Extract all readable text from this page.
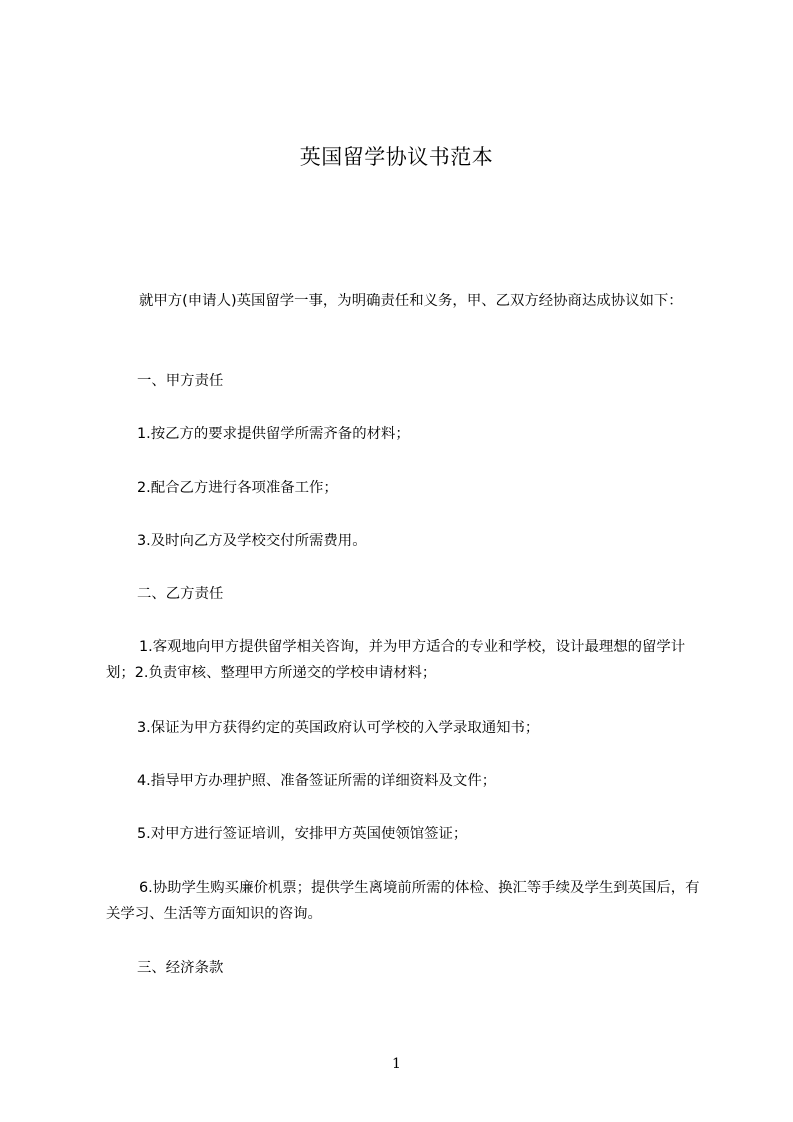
英国留学协议书范本

就甲方(申请人)英国留学一事，为明确责任和义务，甲、乙双方经协商达成协议如下：

一、甲方责任

1.按乙方的要求提供留学所需齐备的材料；

2.配合乙方进行各项准备工作；

3.及时向乙方及学校交付所需费用。

二、乙方责任

1.客观地向甲方提供留学相关咨询，并为甲方适合的专业和学校，设计最理想的留学计划；2.负责审核、整理甲方所递交的学校申请材料；

3.保证为甲方获得约定的英国政府认可学校的入学录取通知书；

4.指导甲方办理护照、准备签证所需的详细资料及文件；

5.对甲方进行签证培训，安排甲方英国使领馆签证；

6.协助学生购买廉价机票；提供学生离境前所需的体检、换汇等手续及学生到英国后，有关学习、生活等方面知识的咨询。

三、经济条款

1
